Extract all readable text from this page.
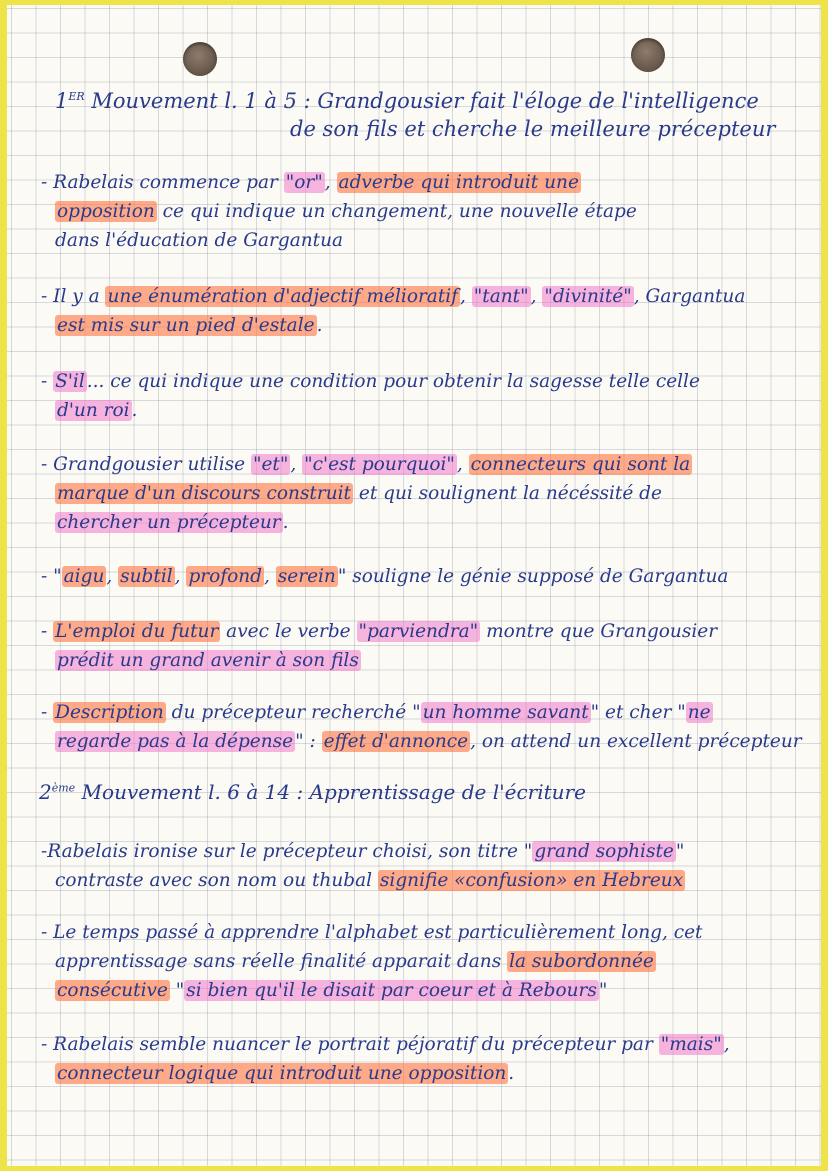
1ER Mouvement l. 1 à 5 : Grandgousier fait l'éloge de l'intelligence
de son fils et cherche le meilleure précepteur
- Rabelais commence par "or" , adverbe qui introduit une
opposition ce qui indique un changement, une nouvelle étape

dans l'éducation de Gargantua
- Il y a une énumération d'adjectif mélioratif , "tant" , "divinité" , Gargantua
est mis sur un pied d'estale .
- S'il ... ce qui indique une condition pour obtenir la sagesse telle celle
d'un roi .
- Grandgousier utilise "et" , "c'est pourquoi" , connecteurs qui sont la
marque d'un discours construit et qui soulignent la nécéssité de
chercher un précepteur .
- " aigu , subtil , profond , serein " souligne le génie supposé de Gargantua
- L'emploi du futur avec le verbe "parviendra" montre que Grangousier
prédit un grand avenir à son fils
- Description du précepteur recherché " un homme savant " et cher " ne
regarde pas à la dépense " : effet d'annonce , on attend un excellent précepteur
2ème Mouvement l. 6 à 14 : Apprentissage de l'écriture
-Rabelais ironise sur le précepteur choisi, son titre " grand sophiste "
contraste avec son nom ou thubal signifie «confusion» en Hebreux
- Le temps passé à apprendre l'alphabet est particulièrement long, cet
apprentissage sans réelle finalité apparait dans la subordonnée
consécutive " si bien qu'il le disait par coeur et à Rebours "
- Rabelais semble nuancer le portrait péjoratif du précepteur par "mais" ,
connecteur logique qui introduit une opposition .
